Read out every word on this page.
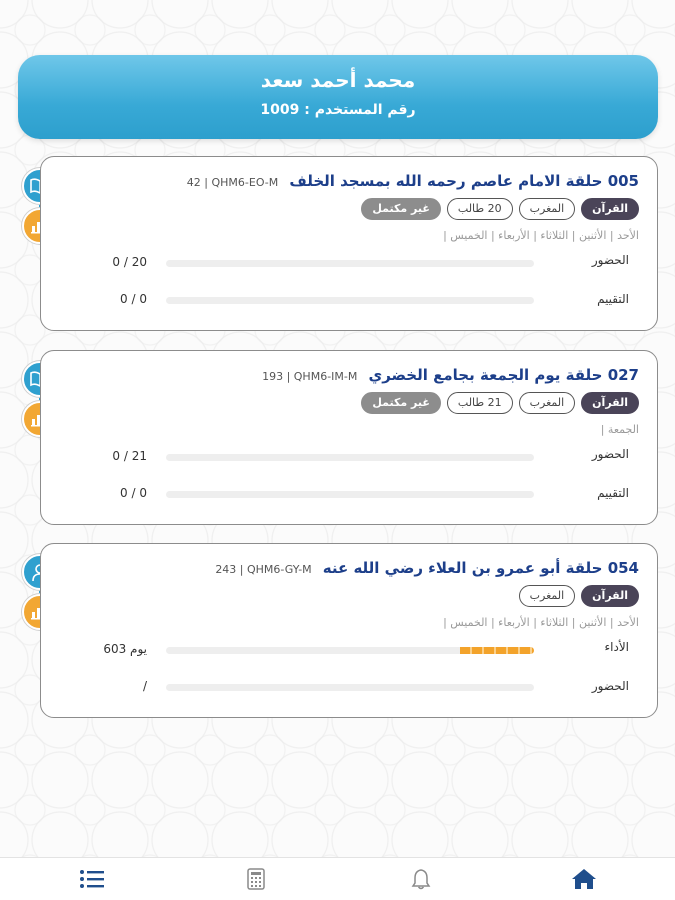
محمد أحمد سعد
رقم المستخدم : 1009
005 حلقة الامام عاصم رحمه الله بمسجد الخلف 42 | QHM6-EO-M
القرآن
المغرب
20 طالب
غير مكتمل
الأحد | الأثنين | الثلاثاء | الأربعاء | الخميس |
الحضور
0 / 20
التقييم
0 / 0
027 حلقة يوم الجمعة بجامع الخضري 193 | QHM6-IM-M
القرآن
المغرب
21 طالب
غير مكتمل
الجمعة |
الحضور
0 / 21
التقييم
0 / 0
054 حلقة أبو عمرو بن العلاء رضي الله عنه 243 | QHM6-GY-M
القرآن
المغرب
الأحد | الأثنين | الثلاثاء | الأربعاء | الخميس |
الأداء
603 يوم
الحضور
/
